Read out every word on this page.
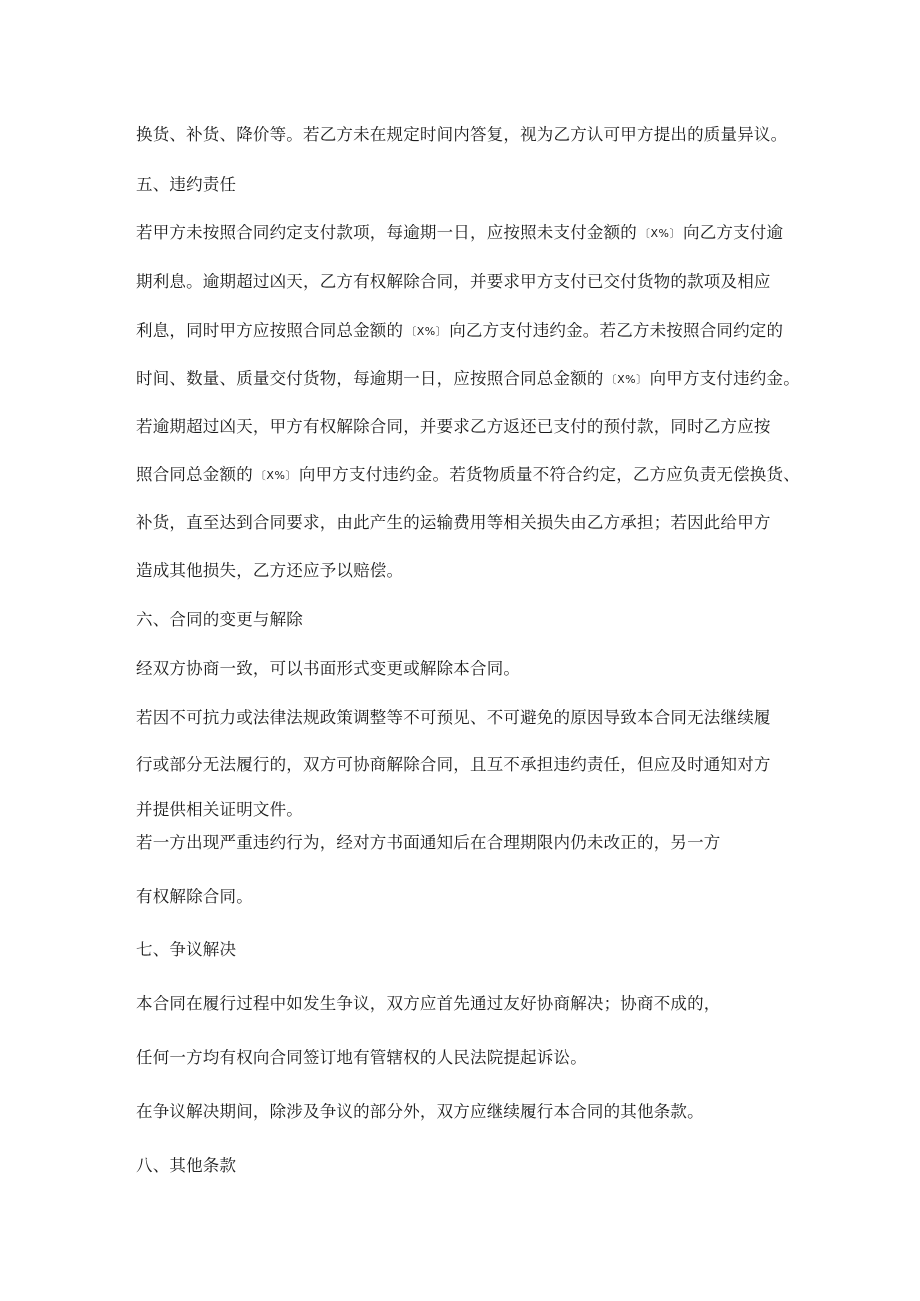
换货、补货、降价等。若乙方未在规定时间内答复，视为乙方认可甲方提出的质量异议。
五、违约责任
若甲方未按照合同约定支付款项，每逾期一日，应按照未支付金额的 〔X%〕 向乙方支付逾
期利息。逾期超过凶天，乙方有权解除合同，并要求甲方支付已交付货物的款项及相应
利息，同时甲方应按照合同总金额的 〔X%〕 向乙方支付违约金。若乙方未按照合同约定的
时间、数量、质量交付货物，每逾期一日，应按照合同总金额的 〔X%〕 向甲方支付违约金。
若逾期超过凶天，甲方有权解除合同，并要求乙方返还已支付的预付款，同时乙方应按
照合同总金额的 〔X%〕 向甲方支付违约金。若货物质量不符合约定，乙方应负责无偿换货、
补货，直至达到合同要求，由此产生的运输费用等相关损失由乙方承担；若因此给甲方
造成其他损失，乙方还应予以赔偿。
六、合同的变更与解除
经双方协商一致，可以书面形式变更或解除本合同。
若因不可抗力或法律法规政策调整等不可预见、不可避免的原因导致本合同无法继续履
行或部分无法履行的，双方可协商解除合同，且互不承担违约责任，但应及时通知对方
并提供相关证明文件。
若一方出现严重违约行为，经对方书面通知后在合理期限内仍未改正的，另一方
有权解除合同。
七、争议解决
本合同在履行过程中如发生争议，双方应首先通过友好协商解决；协商不成的，
任何一方均有权向合同签订地有管辖权的人民法院提起诉讼。
在争议解决期间，除涉及争议的部分外，双方应继续履行本合同的其他条款。
八、其他条款
